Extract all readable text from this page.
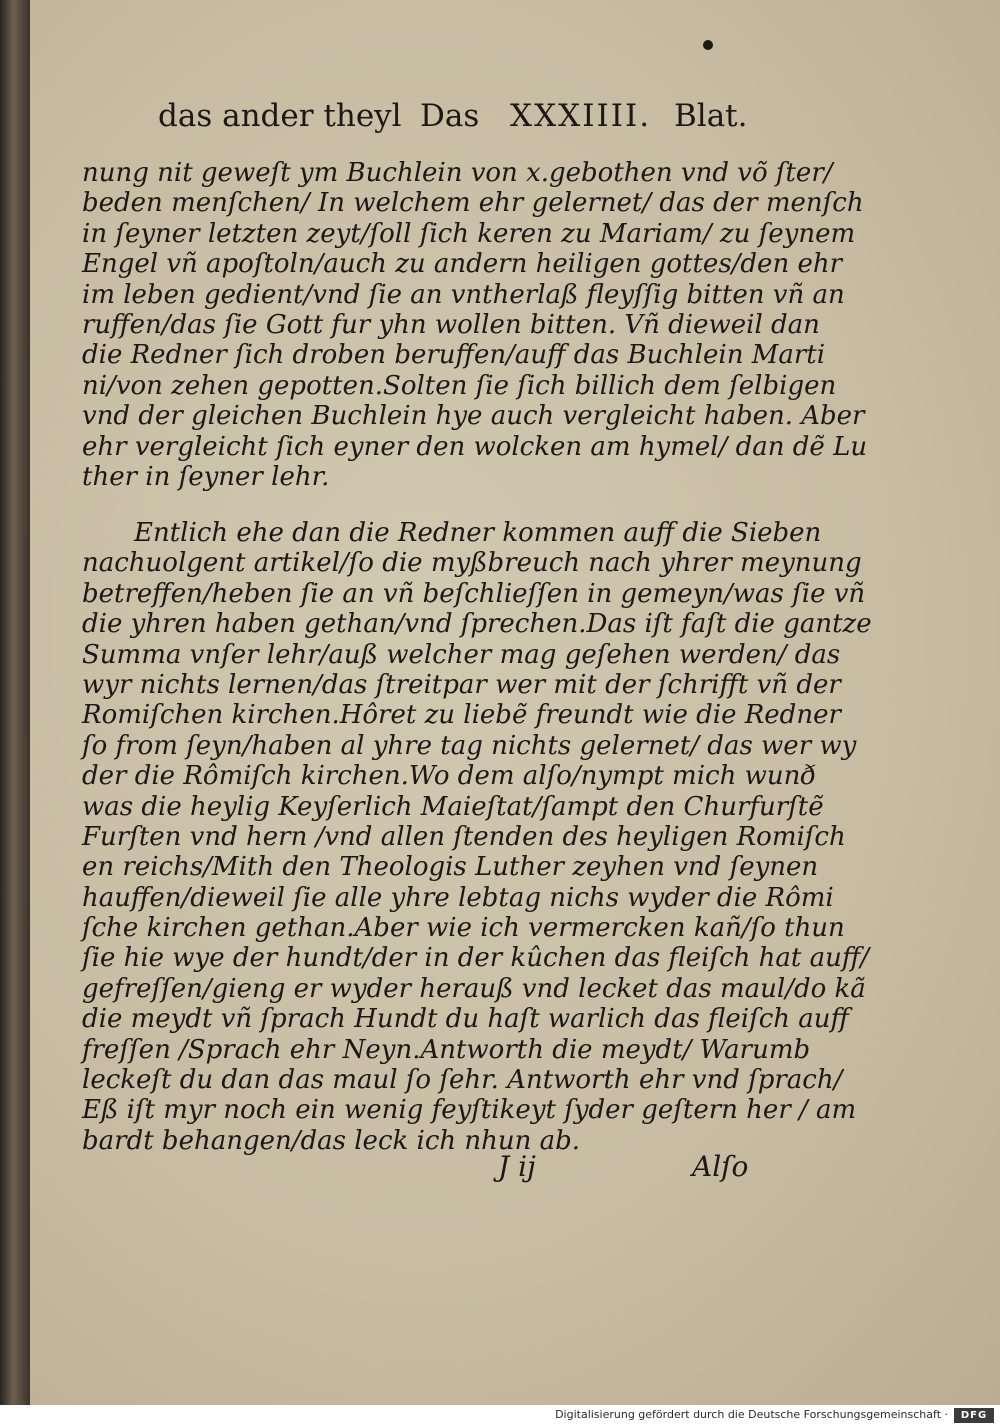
das ander theyl Das XXXIIII. Blat.

nung nit geweſt ym Buchlein von x.gebothen vnd võ ſter/
beden menſchen/ In welchem ehr gelernet/ das der menſch
in ſeyner letzten zeyt/ſoll ſich keren zu Mariam/ zu ſeynem
Engel vñ apoſtoln/auch zu andern heiligen gottes/den ehr
im leben gedient/vnd ſie an vntherlaß fleyſſig bitten vñ an
ruffen/das ſie Gott fur yhn wollen bitten. Vñ dieweil dan
die Redner ſich droben beruffen/auff das Buchlein Marti
ni/von zehen gepotten.Solten ſie ſich billich dem ſelbigen
vnd der gleichen Buchlein hye auch vergleicht haben. Aber
ehr vergleicht ſich eyner den wolcken am hymel/ dan dẽ Lu
ther in ſeyner lehr.

Entlich ehe dan die Redner kommen auff die Sieben
nachuolgent artikel/ſo die myßbreuch nach yhrer meynung
betreffen/heben ſie an vñ beſchlieſſen in gemeyn/was ſie vñ
die yhren haben gethan/vnd ſprechen.Das iſt faſt die gantze
Summa vnſer lehr/auß welcher mag geſehen werden/ das
wyr nichts lernen/das ſtreitpar wer mit der ſchrifft vñ der
Romiſchen kirchen.Hôret zu liebẽ freundt wie die Redner
ſo from ſeyn/haben al yhre tag nichts gelernet/ das wer wy
der die Rômiſch kirchen.Wo dem alſo/nympt mich wunð
was die heylig Keyſerlich Maieſtat/ſampt den Churfurſtẽ
Furſten vnd hern /vnd allen ſtenden des heyligen Romiſch
en reichs/Mith den Theologis Luther zeyhen vnd ſeynen
hauffen/dieweil ſie alle yhre lebtag nichs wyder die Rômi
ſche kirchen gethan.Aber wie ich vermercken kañ/ſo thun
ſie hie wye der hundt/der in der kûchen das fleiſch hat auff/
gefreſſen/gieng er wyder herauß vnd lecket das maul/do kã
die meydt vñ ſprach Hundt du haſt warlich das fleiſch auff
freſſen /Sprach ehr Neyn.Antworth die meydt/ Warumb
leckeſt du dan das maul ſo ſehr. Antworth ehr vnd ſprach/
Eß iſt myr noch ein wenig feyſtikeyt ſyder geſtern her / am
bardt behangen/das leck ich nhun ab.

J ij	Alſo
Digitalisierung gefördert durch die Deutsche Forschungsgemeinschaft ·	DFG
